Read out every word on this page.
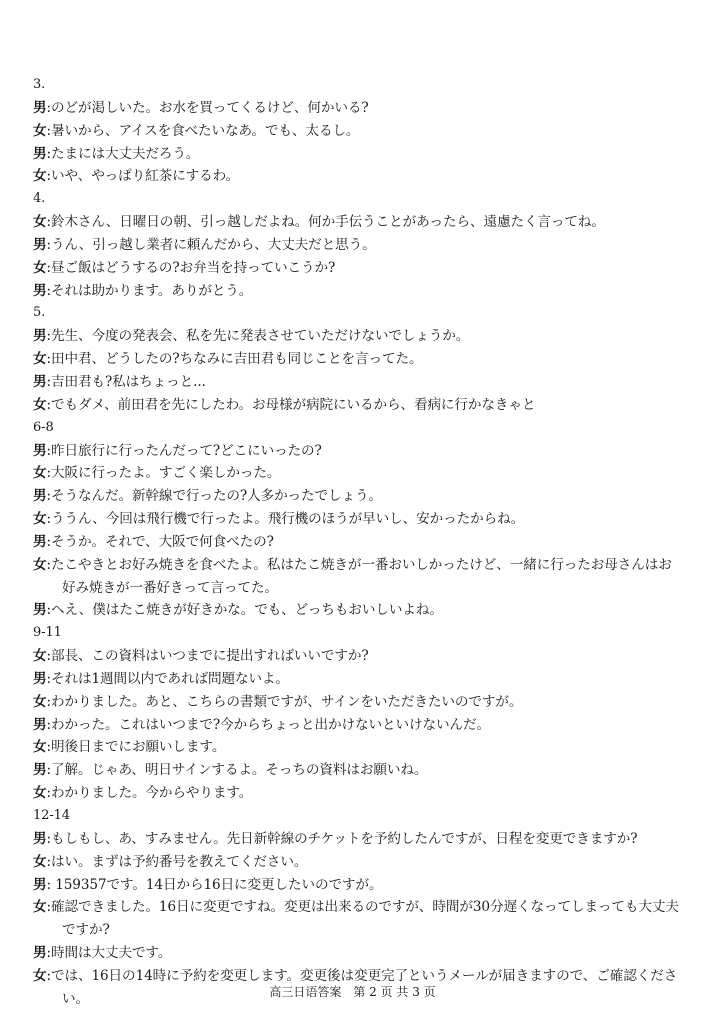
3.
男:のどが渇しいた。お水を買ってくるけど、何かいる?
女:暑いから、アイスを食べたいなあ。でも、太るし。
男:たまには大丈夫だろう。
女:いや、やっぱり紅茶にするわ。
4.
女:鈴木さん、日曜日の朝、引っ越しだよね。何か手伝うことがあったら、遠慮たく言ってね。
男:うん、引っ越し業者に頼んだから、大丈夫だと思う。
女:昼ご飯はどうするの?お弁当を持っていこうか?
男:それは助かります。ありがとう。
5.
男:先生、今度の発表会、私を先に発表させていただけないでしょうか。
女:田中君、どうしたの?ちなみに吉田君も同じことを言ってた。
男:吉田君も?私はちょっと...
女:でもダメ、前田君を先にしたわ。お母様が病院にいるから、看病に行かなきゃと
6-8
男:昨日旅行に行ったんだって?どこにいったの?
女:大阪に行ったよ。すごく楽しかった。
男:そうなんだ。新幹線で行ったの?人多かったでしょう。
女:ううん、今回は飛行機で行ったよ。飛行機のほうが早いし、安かったからね。
男:そうか。それで、大阪で何食べたの?
女:たこやきとお好み焼きを食べたよ。私はたこ焼きが一番おいしかったけど、一緒に行ったお母さんはお好み焼きが一番好きって言ってた。
男:へえ、僕はたこ焼きが好きかな。でも、どっちもおいしいよね。
9-11
女:部長、この資料はいつまでに提出すればいいですか?
男:それは1週間以内であれば問題ないよ。
女:わかりました。あと、こちらの書類ですが、サインをいただきたいのですが。
男:わかった。これはいつまで?今からちょっと出かけないといけないんだ。
女:明後日までにお願いします。
男:了解。じゃあ、明日サインするよ。そっちの資料はお願いね。
女:わかりました。今からやります。
12-14
男:もしもし、あ、すみません。先日新幹線のチケットを予約したんですが、日程を変更できますか?
女:はい。まずは予約番号を教えてください。
男: 159357です。14日から16日に変更したいのですが。
女:確認できました。16日に変更ですね。変更は出来るのですが、時間が30分遅くなってしまっても大丈夫ですか?
男:時間は大丈夫です。
女:では、16日の14時に予約を変更します。変更後は変更完了というメールが届きますので、ご確認ください。	高三日语答案　第 2 页 共 3 页
